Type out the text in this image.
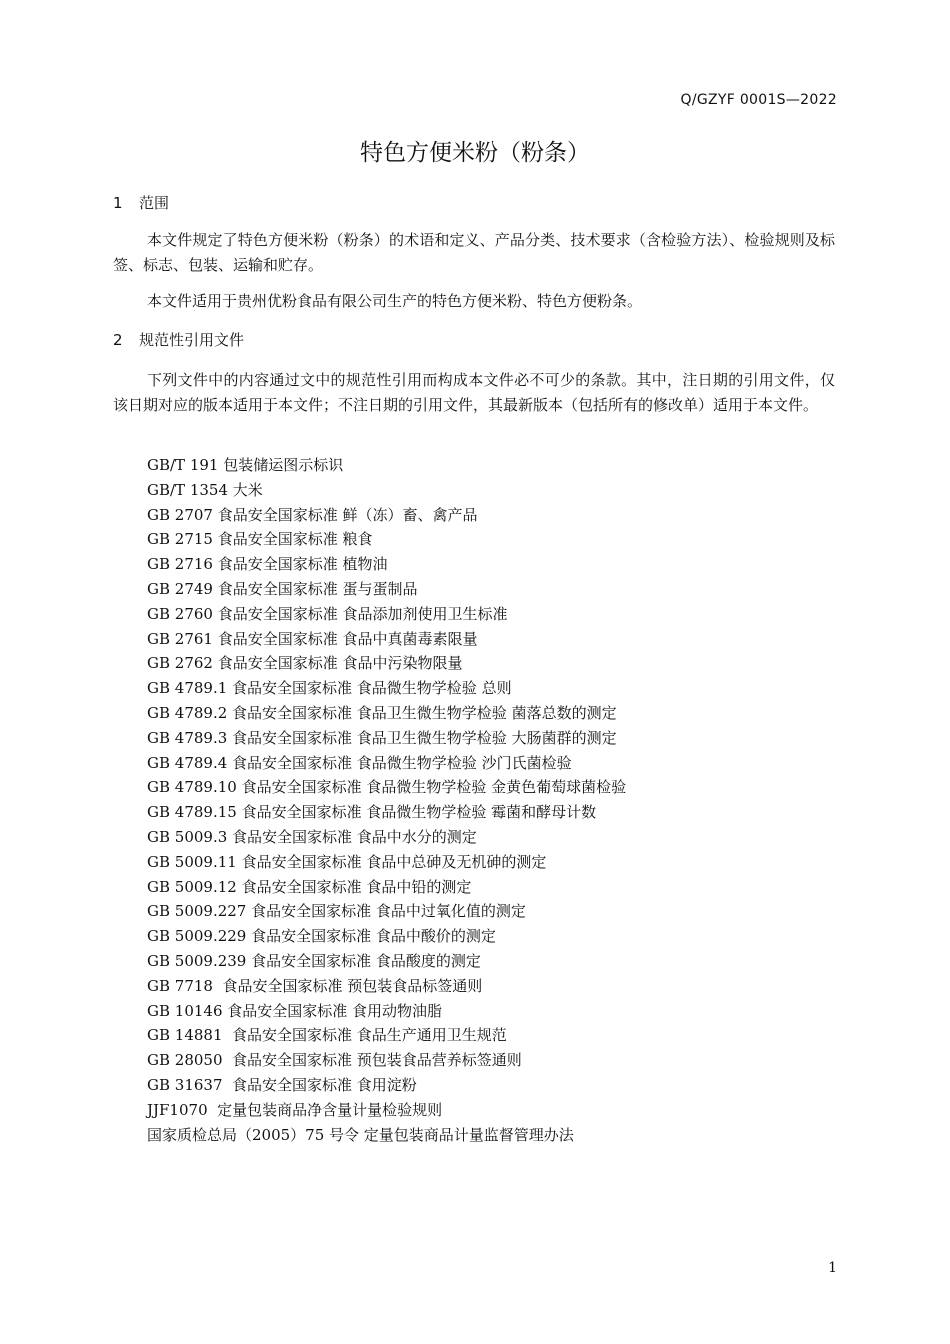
Q/GZYF 0001S—2022
特色方便米粉（粉条）
1 范围

本文件规定了特色方便米粉（粉条）的术语和定义、产品分类、技术要求（含检验方法）、检验规则及标签、标志、包装、运输和贮存。

本文件适用于贵州优粉食品有限公司生产的特色方便米粉、特色方便粉条。

2 规范性引用文件

下列文件中的内容通过文中的规范性引用而构成本文件必不可少的条款。其中，注日期的引用文件，仅该日期对应的版本适用于本文件；不注日期的引用文件，其最新版本（包括所有的修改单）适用于本文件。

GB/T 191 包装储运图示标识
GB/T 1354 大米
GB 2707 食品安全国家标准 鲜（冻）畜、禽产品
GB 2715 食品安全国家标准 粮食
GB 2716 食品安全国家标准 植物油
GB 2749 食品安全国家标准 蛋与蛋制品
GB 2760 食品安全国家标准 食品添加剂使用卫生标准
GB 2761 食品安全国家标准 食品中真菌毒素限量
GB 2762 食品安全国家标准 食品中污染物限量
GB 4789.1 食品安全国家标准 食品微生物学检验 总则
GB 4789.2 食品安全国家标准 食品卫生微生物学检验 菌落总数的测定
GB 4789.3 食品安全国家标准 食品卫生微生物学检验 大肠菌群的测定
GB 4789.4 食品安全国家标准 食品微生物学检验 沙门氏菌检验
GB 4789.10 食品安全国家标准 食品微生物学检验 金黄色葡萄球菌检验
GB 4789.15 食品安全国家标准 食品微生物学检验 霉菌和酵母计数
GB 5009.3 食品安全国家标准 食品中水分的测定
GB 5009.11 食品安全国家标准 食品中总砷及无机砷的测定
GB 5009.12 食品安全国家标准 食品中铅的测定
GB 5009.227 食品安全国家标准 食品中过氧化值的测定
GB 5009.229 食品安全国家标准 食品中酸价的测定
GB 5009.239 食品安全国家标准 食品酸度的测定
GB 7718  食品安全国家标准 预包装食品标签通则
GB 10146 食品安全国家标准 食用动物油脂
GB 14881  食品安全国家标准 食品生产通用卫生规范
GB 28050  食品安全国家标准 预包装食品营养标签通则
GB 31637  食品安全国家标准 食用淀粉
JJF1070  定量包装商品净含量计量检验规则
国家质检总局（2005）75 号令 定量包装商品计量监督管理办法
1
